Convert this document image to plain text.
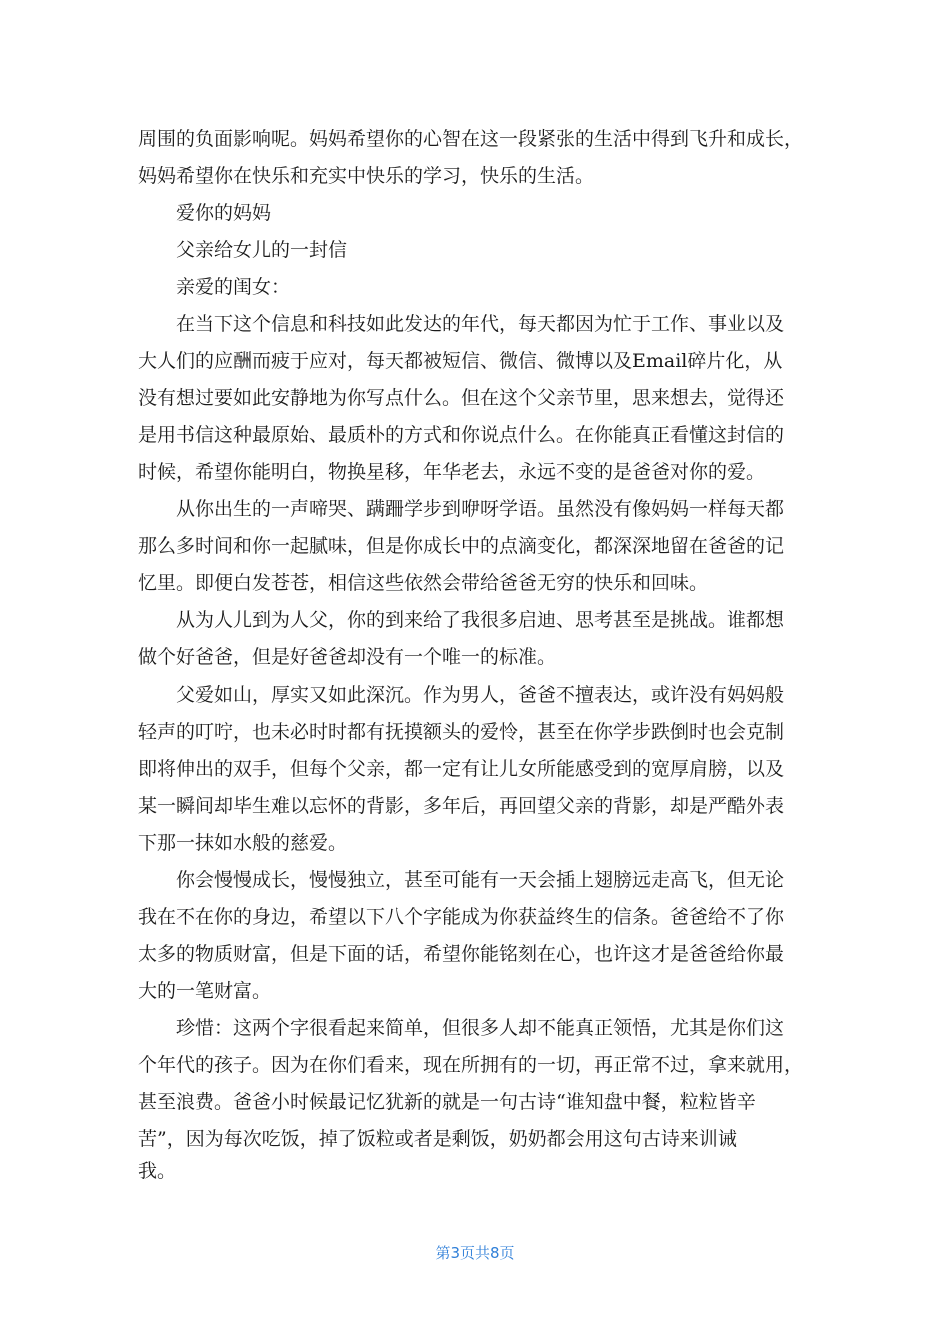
周围的负面影响呢。妈妈希望你的心智在这一段紧张的生活中得到飞升和成长，
妈妈希望你在快乐和充实中快乐的学习，快乐的生活。
　　爱你的妈妈
　　父亲给女儿的一封信
　　亲爱的闺女：
　　在当下这个信息和科技如此发达的年代，每天都因为忙于工作、事业以及
大人们的应酬而疲于应对，每天都被短信、微信、微博以及Email碎片化，从
没有想过要如此安静地为你写点什么。但在这个父亲节里，思来想去，觉得还
是用书信这种最原始、最质朴的方式和你说点什么。在你能真正看懂这封信的
时候，希望你能明白，物换星移，年华老去，永远不变的是爸爸对你的爱。
　　从你出生的一声啼哭、蹒跚学步到咿呀学语。虽然没有像妈妈一样每天都
那么多时间和你一起腻味，但是你成长中的点滴变化，都深深地留在爸爸的记
忆里。即便白发苍苍，相信这些依然会带给爸爸无穷的快乐和回味。
　　从为人儿到为人父，你的到来给了我很多启迪、思考甚至是挑战。谁都想
做个好爸爸，但是好爸爸却没有一个唯一的标准。
　　父爱如山，厚实又如此深沉。作为男人，爸爸不擅表达，或许没有妈妈般
轻声的叮咛，也未必时时都有抚摸额头的爱怜，甚至在你学步跌倒时也会克制
即将伸出的双手，但每个父亲，都一定有让儿女所能感受到的宽厚肩膀，以及
某一瞬间却毕生难以忘怀的背影，多年后，再回望父亲的背影，却是严酷外表
下那一抹如水般的慈爱。
　　你会慢慢成长，慢慢独立，甚至可能有一天会插上翅膀远走高飞，但无论
我在不在你的身边，希望以下八个字能成为你获益终生的信条。爸爸给不了你
太多的物质财富，但是下面的话，希望你能铭刻在心，也许这才是爸爸给你最
大的一笔财富。
　　珍惜：这两个字很看起来简单，但很多人却不能真正领悟，尤其是你们这
个年代的孩子。因为在你们看来，现在所拥有的一切，再正常不过，拿来就用，
甚至浪费。爸爸小时候最记忆犹新的就是一句古诗“谁知盘中餐，粒粒皆辛
苦”，因为每次吃饭，掉了饭粒或者是剩饭，奶奶都会用这句古诗来训诫
我。
第3页共8页
